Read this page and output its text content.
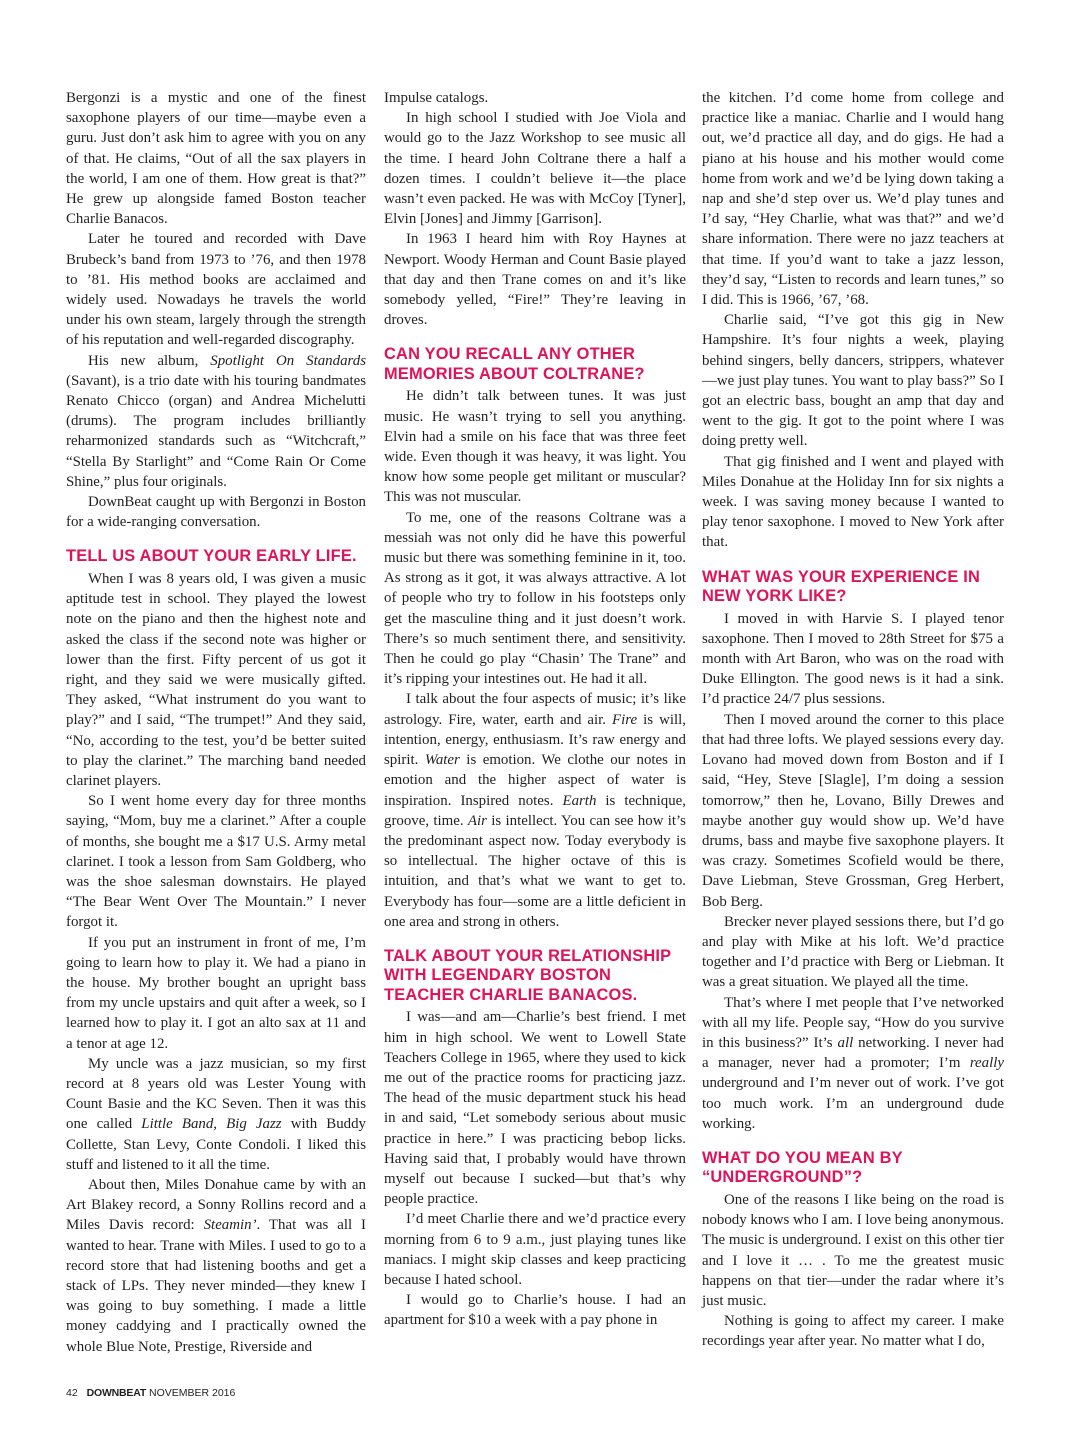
Bergonzi is a mystic and one of the finest saxophone players of our time—maybe even a guru. Just don’t ask him to agree with you on any of that. He claims, “Out of all the sax players in the world, I am one of them. How great is that?” He grew up alongside famed Boston teacher Charlie Banacos.

Later he toured and recorded with Dave Brubeck’s band from 1973 to ’76, and then 1978 to ’81. His method books are acclaimed and widely used. Nowadays he travels the world under his own steam, largely through the strength of his reputation and well-regarded discography.

His new album, Spotlight On Standards (Savant), is a trio date with his touring bandmates Renato Chicco (organ) and Andrea Michelutti (drums). The program includes brilliantly reharmonized standards such as “Witchcraft,” “Stella By Starlight” and “Come Rain Or Come Shine,” plus four originals.

DownBeat caught up with Bergonzi in Boston for a wide-ranging conversation.

TELL US ABOUT YOUR EARLY LIFE.

When I was 8 years old, I was given a music aptitude test in school. They played the lowest note on the piano and then the highest note and asked the class if the second note was higher or lower than the first. Fifty percent of us got it right, and they said we were musically gifted. They asked, “What instrument do you want to play?” and I said, “The trumpet!” And they said, “No, according to the test, you’d be better suited to play the clarinet.” The marching band needed clarinet players.

So I went home every day for three months saying, “Mom, buy me a clarinet.” After a couple of months, she bought me a $17 U.S. Army metal clarinet. I took a lesson from Sam Goldberg, who was the shoe salesman downstairs. He played “The Bear Went Over The Mountain.” I never forgot it.

If you put an instrument in front of me, I’m going to learn how to play it. We had a piano in the house. My brother bought an upright bass from my uncle upstairs and quit after a week, so I learned how to play it. I got an alto sax at 11 and a tenor at age 12.

My uncle was a jazz musician, so my first record at 8 years old was Lester Young with Count Basie and the KC Seven. Then it was this one called Little Band, Big Jazz with Buddy Collette, Stan Levy, Conte Condoli. I liked this stuff and listened to it all the time.

About then, Miles Donahue came by with an Art Blakey record, a Sonny Rollins record and a Miles Davis record: Steamin’. That was all I wanted to hear. Trane with Miles. I used to go to a record store that had listening booths and get a stack of LPs. They never minded—they knew I was going to buy something. I made a little money caddying and I practically owned the whole Blue Note, Prestige, Riverside and

Impulse catalogs.

In high school I studied with Joe Viola and would go to the Jazz Workshop to see music all the time. I heard John Coltrane there a half a dozen times. I couldn’t believe it—the place wasn’t even packed. He was with McCoy [Tyner], Elvin [Jones] and Jimmy [Garrison].

In 1963 I heard him with Roy Haynes at Newport. Woody Herman and Count Basie played that day and then Trane comes on and it’s like somebody yelled, “Fire!” They’re leaving in droves.

CAN YOU RECALL ANY OTHER MEMORIES ABOUT COLTRANE?

He didn’t talk between tunes. It was just music. He wasn’t trying to sell you anything. Elvin had a smile on his face that was three feet wide. Even though it was heavy, it was light. You know how some people get militant or muscular? This was not muscular.

To me, one of the reasons Coltrane was a messiah was not only did he have this powerful music but there was something feminine in it, too. As strong as it got, it was always attractive. A lot of people who try to follow in his footsteps only get the masculine thing and it just doesn’t work. There’s so much sentiment there, and sensitivity. Then he could go play “Chasin’ The Trane” and it’s ripping your intestines out. He had it all.

I talk about the four aspects of music; it’s like astrology. Fire, water, earth and air. Fire is will, intention, energy, enthusiasm. It’s raw energy and spirit. Water is emotion. We clothe our notes in emotion and the higher aspect of water is inspiration. Inspired notes. Earth is technique, groove, time. Air is intellect. You can see how it’s the predominant aspect now. Today everybody is so intellectual. The higher octave of this is intuition, and that’s what we want to get to. Everybody has four—some are a little deficient in one area and strong in others.

TALK ABOUT YOUR RELATIONSHIP WITH LEGENDARY BOSTON TEACHER CHARLIE BANACOS.

I was—and am—Charlie’s best friend. I met him in high school. We went to Lowell State Teachers College in 1965, where they used to kick me out of the practice rooms for practicing jazz. The head of the music department stuck his head in and said, “Let somebody serious about music practice in here.” I was practicing bebop licks. Having said that, I probably would have thrown myself out because I sucked—but that’s why people practice.

I’d meet Charlie there and we’d practice every morning from 6 to 9 a.m., just playing tunes like maniacs. I might skip classes and keep practicing because I hated school.

I would go to Charlie’s house. I had an apartment for $10 a week with a pay phone in

the kitchen. I’d come home from college and practice like a maniac. Charlie and I would hang out, we’d practice all day, and do gigs. He had a piano at his house and his mother would come home from work and we’d be lying down taking a nap and she’d step over us. We’d play tunes and I’d say, “Hey Charlie, what was that?” and we’d share information. There were no jazz teachers at that time. If you’d want to take a jazz lesson, they’d say, “Listen to records and learn tunes,” so I did. This is 1966, ’67, ’68.

Charlie said, “I’ve got this gig in New Hampshire. It’s four nights a week, playing behind singers, belly dancers, strippers, whatever—we just play tunes. You want to play bass?” So I got an electric bass, bought an amp that day and went to the gig. It got to the point where I was doing pretty well.

That gig finished and I went and played with Miles Donahue at the Holiday Inn for six nights a week. I was saving money because I wanted to play tenor saxophone. I moved to New York after that.

WHAT WAS YOUR EXPERIENCE IN NEW YORK LIKE?

I moved in with Harvie S. I played tenor saxophone. Then I moved to 28th Street for $75 a month with Art Baron, who was on the road with Duke Ellington. The good news is it had a sink. I’d practice 24/7 plus sessions.

Then I moved around the corner to this place that had three lofts. We played sessions every day. Lovano had moved down from Boston and if I said, “Hey, Steve [Slagle], I’m doing a session tomorrow,” then he, Lovano, Billy Drewes and maybe another guy would show up. We’d have drums, bass and maybe five saxophone players. It was crazy. Sometimes Scofield would be there, Dave Liebman, Steve Grossman, Greg Herbert, Bob Berg.

Brecker never played sessions there, but I’d go and play with Mike at his loft. We’d practice together and I’d practice with Berg or Liebman. It was a great situation. We played all the time.

That’s where I met people that I’ve networked with all my life. People say, “How do you survive in this business?” It’s all networking. I never had a manager, never had a promoter; I’m really underground and I’m never out of work. I’ve got too much work. I’m an underground dude working.

WHAT DO YOU MEAN BY “UNDERGROUND”?

One of the reasons I like being on the road is nobody knows who I am. I love being anonymous. The music is underground. I exist on this other tier and I love it … . To me the greatest music happens on that tier—under the radar where it’s just music.

Nothing is going to affect my career. I make recordings year after year. No matter what I do,

42 DOWNBEAT NOVEMBER 2016
